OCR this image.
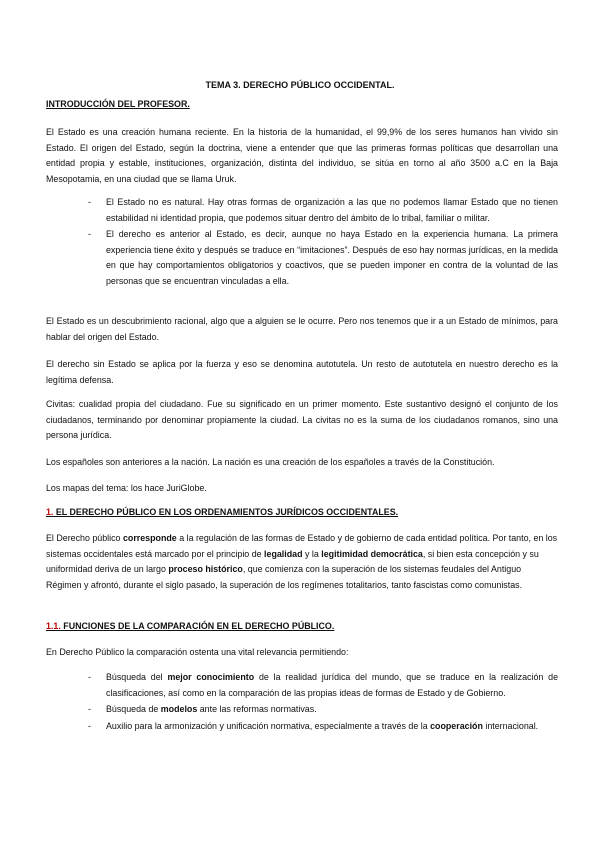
TEMA 3. DERECHO PÚBLICO OCCIDENTAL.

INTRODUCCIÓN DEL PROFESOR.

El Estado es una creación humana reciente. En la historia de la humanidad, el 99,9% de los seres humanos han vivido sin Estado. El origen del Estado, según la doctrina, viene a entender que que las primeras formas políticas que desarrollan una entidad propia y estable, instituciones, organización, distinta del individuo, se sitúa en torno al año 3500 a.C en la Baja Mesopotamia, en una ciudad que se llama Uruk.

- El Estado no es natural. Hay otras formas de organización a las que no podemos llamar Estado que no tienen estabilidad ni identidad propia, que podemos situar dentro del ámbito de lo tribal, familiar o militar.
- El derecho es anterior al Estado, es decir, aunque no haya Estado en la experiencia humana. La primera experiencia tiene éxito y después se traduce en “imitaciones”. Después de eso hay normas jurídicas, en la medida en que hay comportamientos obligatorios y coactivos, que se pueden imponer en contra de la voluntad de las personas que se encuentran vinculadas a ella.

El Estado es un descubrimiento racional, algo que a alguien se le ocurre. Pero nos tenemos que ir a un Estado de mínimos, para hablar del origen del Estado.

El derecho sin Estado se aplica por la fuerza y eso se denomina autotutela. Un resto de autotutela en nuestro derecho es la legítima defensa.

Civitas: cualidad propia del ciudadano. Fue su significado en un primer momento. Este sustantivo designó el conjunto de los ciudadanos, terminando por denominar propiamente la ciudad. La civitas no es la suma de los ciudadanos romanos, sino una persona jurídica.

Los españoles son anteriores a la nación. La nación es una creación de los españoles a través de la Constitución.

Los mapas del tema: los hace JuriGlobe.

1. EL DERECHO PÚBLICO EN LOS ORDENAMIENTOS JURÍDICOS OCCIDENTALES.

El Derecho público corresponde a la regulación de las formas de Estado y de gobierno de cada entidad política. Por tanto, en los sistemas occidentales está marcado por el principio de legalidad y la legitimidad democrática, si bien esta concepción y su uniformidad deriva de un largo proceso histórico, que comienza con la superación de los sistemas feudales del Antiguo Régimen y afrontó, durante el siglo pasado, la superación de los regímenes totalitarios, tanto fascistas como comunistas.

1.1. FUNCIONES DE LA COMPARACIÓN EN EL DERECHO PÚBLICO.

En Derecho Público la comparación ostenta una vital relevancia permitiendo:

- Búsqueda del mejor conocimiento de la realidad jurídica del mundo, que se traduce en la realización de clasificaciones, así como en la comparación de las propias ideas de formas de Estado y de Gobierno.
- Búsqueda de modelos ante las reformas normativas.
- Auxilio para la armonización y unificación normativa, especialmente a través de la cooperación internacional.
